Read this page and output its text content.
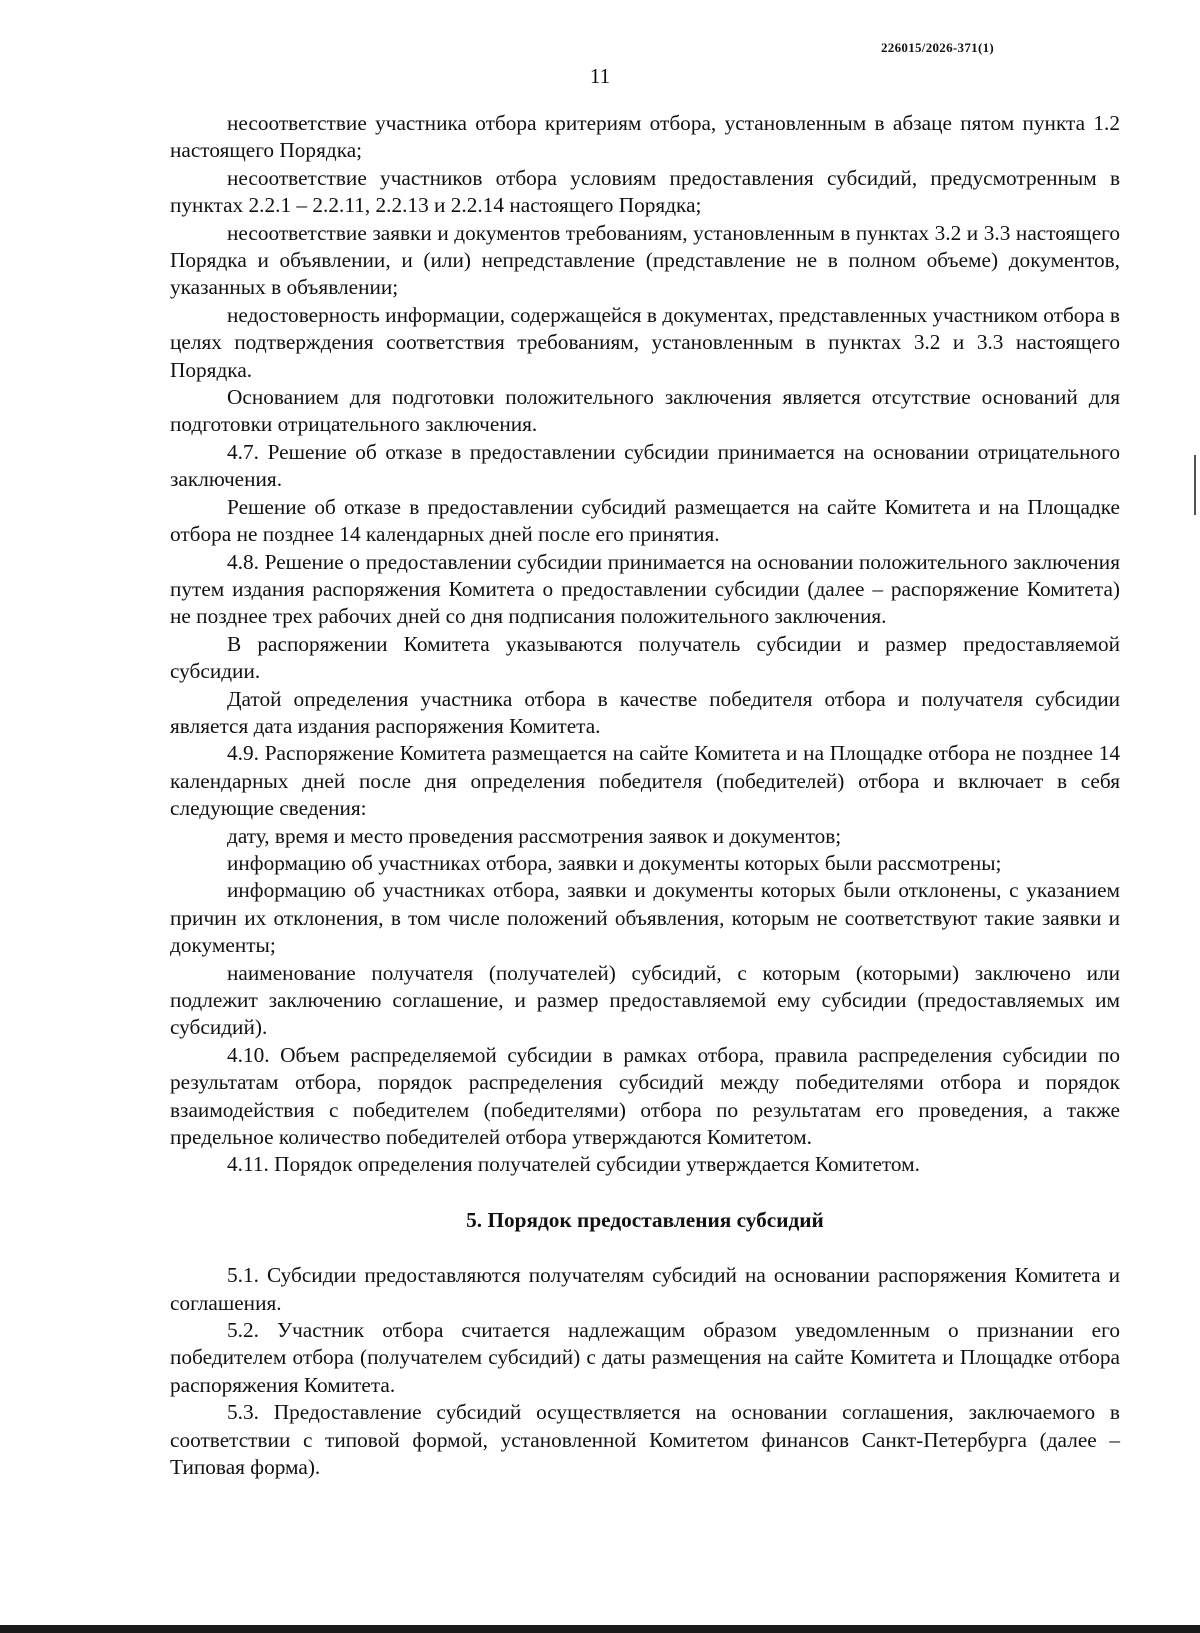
226015/2026-371(1)
11

несоответствие участника отбора критериям отбора, установленным в абзаце пятом пункта 1.2 настоящего Порядка;

несоответствие участников отбора условиям предоставления субсидий, предусмотренным в пунктах 2.2.1 – 2.2.11, 2.2.13 и 2.2.14 настоящего Порядка;

несоответствие заявки и документов требованиям, установленным в пунктах 3.2 и 3.3 настоящего Порядка и объявлении, и (или) непредставление (представление не в полном объеме) документов, указанных в объявлении;

недостоверность информации, содержащейся в документах, представленных участником отбора в целях подтверждения соответствия требованиям, установленным в пунктах 3.2 и 3.3 настоящего Порядка.

Основанием для подготовки положительного заключения является отсутствие оснований для подготовки отрицательного заключения.

4.7. Решение об отказе в предоставлении субсидии принимается на основании отрицательного заключения.

Решение об отказе в предоставлении субсидий размещается на сайте Комитета и на Площадке отбора не позднее 14 календарных дней после его принятия.

4.8. Решение о предоставлении субсидии принимается на основании положительного заключения путем издания распоряжения Комитета о предоставлении субсидии (далее – распоряжение Комитета) не позднее трех рабочих дней со дня подписания положительного заключения.

В распоряжении Комитета указываются получатель субсидии и размер предоставляемой субсидии.

Датой определения участника отбора в качестве победителя отбора и получателя субсидии является дата издания распоряжения Комитета.

4.9. Распоряжение Комитета размещается на сайте Комитета и на Площадке отбора не позднее 14 календарных дней после дня определения победителя (победителей) отбора и включает в себя следующие сведения:

дату, время и место проведения рассмотрения заявок и документов;

информацию об участниках отбора, заявки и документы которых были рассмотрены;

информацию об участниках отбора, заявки и документы которых были отклонены, с указанием причин их отклонения, в том числе положений объявления, которым не соответствуют такие заявки и документы;

наименование получателя (получателей) субсидий, с которым (которыми) заключено или подлежит заключению соглашение, и размер предоставляемой ему субсидии (предоставляемых им субсидий).

4.10. Объем распределяемой субсидии в рамках отбора, правила распределения субсидии по результатам отбора, порядок распределения субсидий между победителями отбора и порядок взаимодействия с победителем (победителями) отбора по результатам его проведения, а также предельное количество победителей отбора утверждаются Комитетом.

4.11. Порядок определения получателей субсидии утверждается Комитетом.

5. Порядок предоставления субсидий

5.1. Субсидии предоставляются получателям субсидий на основании распоряжения Комитета и соглашения.

5.2. Участник отбора считается надлежащим образом уведомленным о признании его победителем отбора (получателем субсидий) с даты размещения на сайте Комитета и Площадке отбора распоряжения Комитета.

5.3. Предоставление субсидий осуществляется на основании соглашения, заключаемого в соответствии с типовой формой, установленной Комитетом финансов Санкт-Петербурга (далее – Типовая форма).
